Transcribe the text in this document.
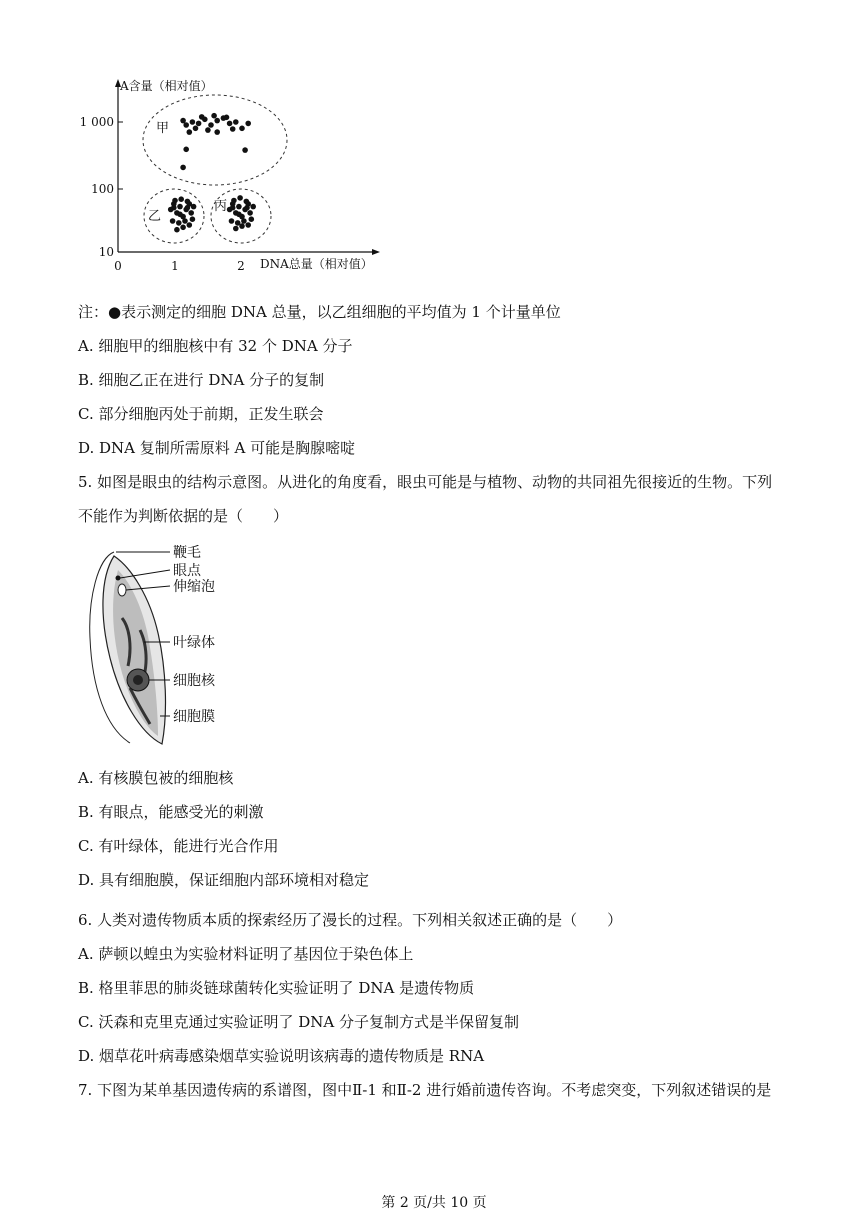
A含量（相对值）
DNA总量（相对值）
1 000
100
10
0	1	2
甲
乙
丙
注：●表示测定的细胞 DNA 总量，以乙组细胞的平均值为 1 个计量单位
A. 细胞甲的细胞核中有 32 个 DNA 分子
B. 细胞乙正在进行 DNA 分子的复制
C. 部分细胞丙处于前期，正发生联会
D. DNA 复制所需原料 A 可能是胸腺嘧啶
5. 如图是眼虫的结构示意图。从进化的角度看，眼虫可能是与植物、动物的共同祖先很接近的生物。下列
不能作为判断依据的是（　　）
鞭毛
眼点
伸缩泡
叶绿体
细胞核
细胞膜
A. 有核膜包被的细胞核
B. 有眼点，能感受光的刺激
C. 有叶绿体，能进行光合作用
D. 具有细胞膜，保证细胞内部环境相对稳定
6. 人类对遗传物质本质的探索经历了漫长的过程。下列相关叙述正确的是（　　）
A. 萨顿以蝗虫为实验材料证明了基因位于染色体上
B. 格里菲思的肺炎链球菌转化实验证明了 DNA 是遗传物质
C. 沃森和克里克通过实验证明了 DNA 分子复制方式是半保留复制
D. 烟草花叶病毒感染烟草实验说明该病毒的遗传物质是 RNA
7. 下图为某单基因遗传病的系谱图，图中Ⅱ-1 和Ⅱ-2 进行婚前遗传咨询。不考虑突变，下列叙述错误的是
第 2 页/共 10 页
